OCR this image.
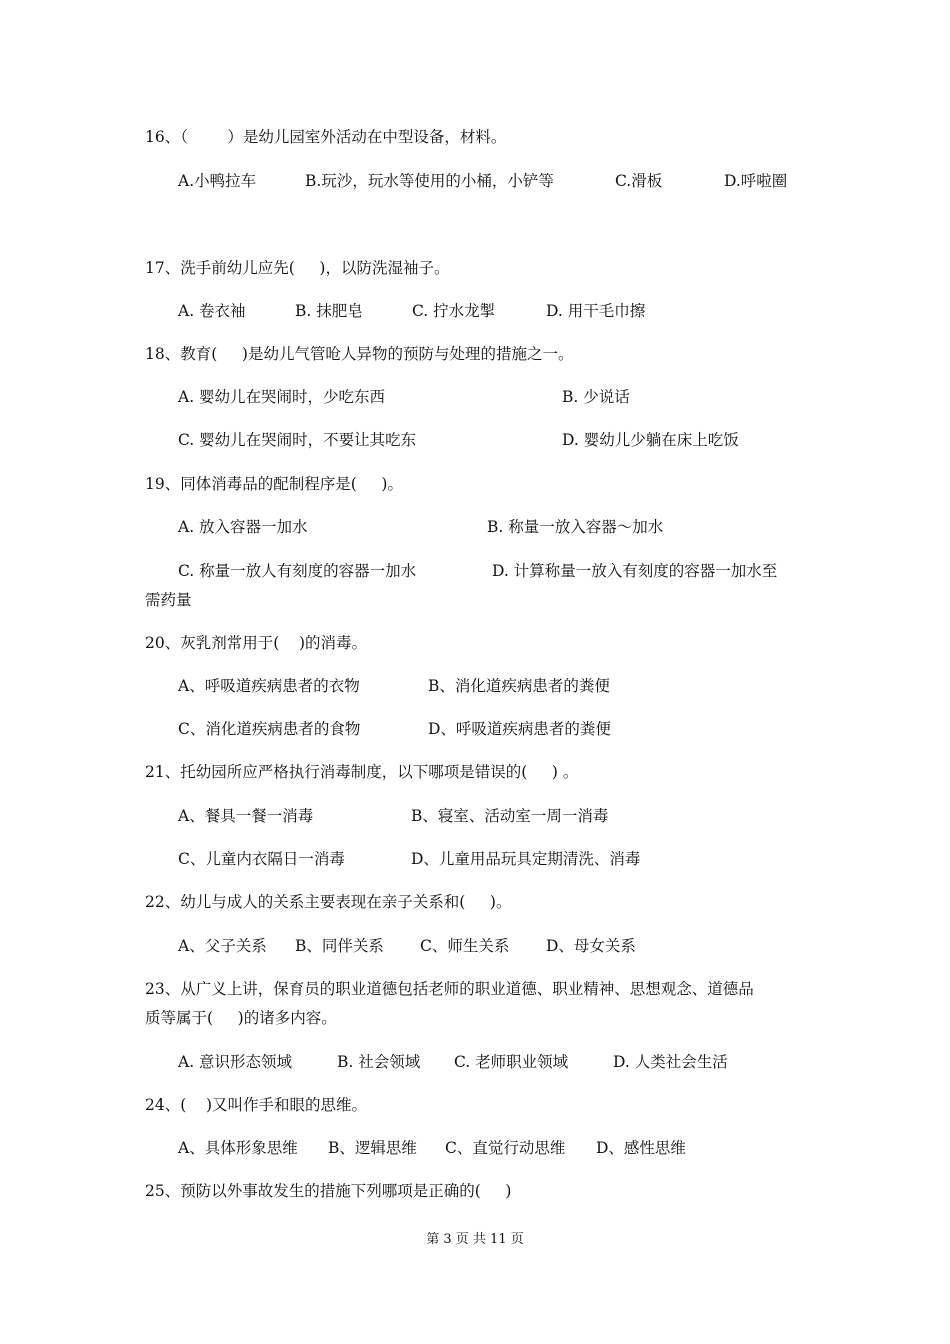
16、（        ）是幼儿园室外活动在中型设备，材料。
A.小鸭拉车	B.玩沙，玩水等使用的小桶，小铲等	C.滑板	D.呼啦圈
17、洗手前幼儿应先(     )，以防洗湿袖子。
A. 卷衣袖	B. 抹肥皂	C. 拧水龙掣	D. 用干毛巾擦
18、教育(     )是幼儿气管呛人异物的预防与处理的措施之一。
A. 婴幼儿在哭闹时，少吃东西	B. 少说话
C. 婴幼儿在哭闹时，不要让其吃东	D. 婴幼儿少躺在床上吃饭
19、同体消毒品的配制程序是(     )。
A. 放入容器一加水	B. 称量一放入容器～加水
C. 称量一放人有刻度的容器一加水	D. 计算称量一放入有刻度的容器一加水至
需药量
20、灰乳剂常用于(    )的消毒。
A、呼吸道疾病患者的衣物	B、消化道疾病患者的粪便
C、消化道疾病患者的食物	D、呼吸道疾病患者的粪便
21、托幼园所应严格执行消毒制度，以下哪项是错误的(     ) 。
A、餐具一餐一消毒	B、寝室、活动室一周一消毒
C、儿童内衣隔日一消毒	D、儿童用品玩具定期清洗、消毒
22、幼儿与成人的关系主要表现在亲子关系和(     )。
A、父子关系 B、同伴关系 C、师生关系 D、母女关系
23、从广义上讲，保育员的职业道德包括老师的职业道德、职业精神、思想观念、道德品
质等属于(     )的诸多内容。
A. 意识形态领域	B. 社会领域 C. 老师职业领域	D. 人类社会生活
24、(    )又叫作手和眼的思维。
A、具体形象思维 B、逻辑思维 C、直觉行动思维 D、感性思维
25、预防以外事故发生的措施下列哪项是正确的(     )
第 3 页 共 11 页
